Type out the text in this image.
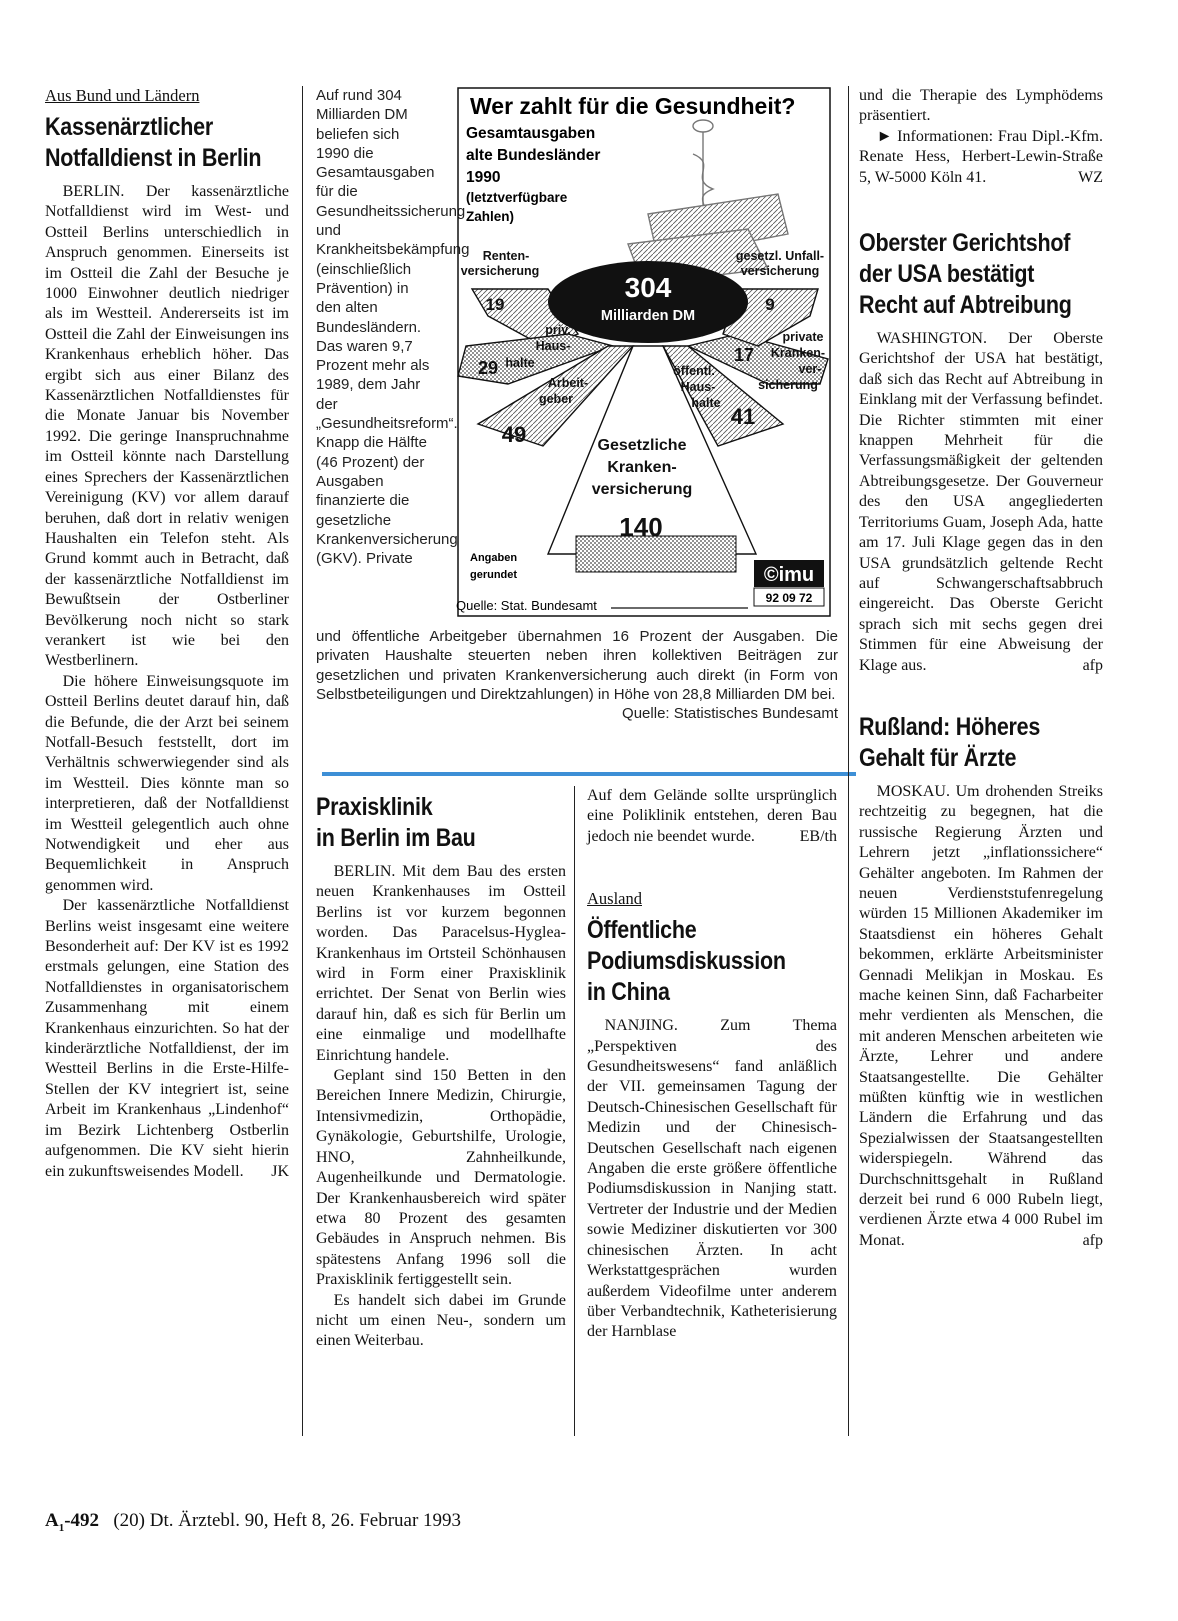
Aus Bund und Ländern
Kassenärztlicher
Notfalldienst in Berlin

BERLIN. Der kassenärztliche Notfalldienst wird im West- und Ostteil Berlins unterschiedlich in Anspruch genommen. Einerseits ist im Ostteil die Zahl der Besuche je 1000 Einwohner deutlich niedriger als im Westteil. Andererseits ist im Ostteil die Zahl der Einweisungen ins Krankenhaus erheblich höher. Das ergibt sich aus einer Bilanz des Kassenärztlichen Notfalldienstes für die Monate Januar bis November 1992. Die geringe Inanspruchnahme im Ostteil könnte nach Darstellung eines Sprechers der Kassenärztlichen Vereinigung (KV) vor allem darauf beruhen, daß dort in relativ wenigen Haushalten ein Telefon steht. Als Grund kommt auch in Betracht, daß der kassenärztliche Notfalldienst im Bewußtsein der Ostberliner Bevölkerung noch nicht so stark verankert ist wie bei den Westberlinern.

Die höhere Einweisungsquote im Ostteil Berlins deutet darauf hin, daß die Befunde, die der Arzt bei seinem Notfall-Besuch feststellt, dort im Verhältnis schwerwiegender sind als im Westteil. Dies könnte man so interpretieren, daß der Notfalldienst im Westteil gelegentlich auch ohne Notwendigkeit und eher aus Bequemlichkeit in Anspruch genommen wird.

Der kassenärztliche Notfalldienst Berlins weist insgesamt eine weitere Besonderheit auf: Der KV ist es 1992 erstmals gelungen, eine Station des Notfalldienstes in organisatorischem Zusammenhang mit einem Krankenhaus einzurichten. So hat der kinderärztliche Notfalldienst, der im Westteil Berlins in die Erste-Hilfe-Stellen der KV integriert ist, seine Arbeit im Krankenhaus „Lindenhof“ im Bezirk Lichtenberg Ostberlin aufgenommen. Die KV sieht hierin ein zukunftsweisendes Modell.	JK

Auf rund 304 Milliarden DM beliefen sich 1990 die Gesamtausgaben für die Gesundheitssicherung und Krankheitsbekämpfung (einschließlich Prävention) in den alten Bundesländern. Das waren 9,7 Prozent mehr als 1989, dem Jahr der „Gesundheitsreform“. Knapp die Hälfte (46 Prozent) der Ausgaben finanzierte die gesetzliche Krankenversicherung (GKV). Private
Wer zahlt für die Gesundheit?
Gesamtausgaben
alte Bundesländer
1990
(letztverfügbare
Zahlen)
304
Milliarden DM
Renten-
versicherung
gesetzl. Unfall-
versicherung
priv.
Haus-
halte
Arbeit-
geber
öffentl.
Haus-
halte
private
Kranken-
ver-
sicherung
Gesetzliche
Kranken-
versicherung
19
29
49
140
41
17
9
Angaben
gerundet
Quelle: Stat. Bundesamt
©imu
92 09 72
und öffentliche Arbeitgeber übernahmen 16 Prozent der Ausgaben. Die privaten Haushalte steuerten neben ihren kollektiven Beiträgen zur gesetzlichen und privaten Krankenversicherung auch direkt (in Form von Selbstbeteiligungen und Direktzahlungen) in Höhe von 28,8 Milliarden DM bei.
Quelle: Statistisches Bundesamt
Praxisklinik
in Berlin im Bau

BERLIN. Mit dem Bau des ersten neuen Krankenhauses im Ostteil Berlins ist vor kurzem begonnen worden. Das Paracelsus-Hyglea-Krankenhaus im Ortsteil Schönhausen wird in Form einer Praxisklinik errichtet. Der Senat von Berlin wies darauf hin, daß es sich für Berlin um eine einmalige und modellhafte Einrichtung handele.

Geplant sind 150 Betten in den Bereichen Innere Medizin, Chirurgie, Intensivmedizin, Orthopädie, Gynäkologie, Geburtshilfe, Urologie, HNO, Zahnheilkunde, Augenheilkunde und Dermatologie. Der Krankenhausbereich wird später etwa 80 Prozent des gesamten Gebäudes in Anspruch nehmen. Bis spätestens Anfang 1996 soll die Praxisklinik fertiggestellt sein.

Es handelt sich dabei im Grunde nicht um einen Neu-, sondern um einen Weiterbau.

Auf dem Gelände sollte ursprünglich eine Poliklinik entstehen, deren Bau jedoch nie beendet wurde.	EB/th

Ausland
Öffentliche
Podiumsdiskussion
in China

NANJING. Zum Thema „Perspektiven des Gesundheitswesens“ fand anläßlich der VII. gemeinsamen Tagung der Deutsch-Chinesischen Gesellschaft für Medizin und der Chinesisch-Deutschen Gesellschaft nach eigenen Angaben die erste größere öffentliche Podiumsdiskussion in Nanjing statt. Vertreter der Industrie und der Medien sowie Mediziner diskutierten vor 300 chinesischen Ärzten. In acht Werkstattgesprächen wurden außerdem Videofilme unter anderem über Verbandtechnik, Katheterisierung der Harnblase

und die Therapie des Lymphödems präsentiert.

► Informationen: Frau Dipl.-Kfm. Renate Hess, Herbert-Lewin-Straße 5, W-5000 Köln 41.	WZ

Oberster Gerichtshof
der USA bestätigt
Recht auf Abtreibung

WASHINGTON. Der Oberste Gerichtshof der USA hat bestätigt, daß sich das Recht auf Abtreibung in Einklang mit der Verfassung befindet. Die Richter stimmten mit einer knappen Mehrheit für die Verfassungsmäßigkeit der geltenden Abtreibungsgesetze. Der Gouverneur des den USA angegliederten Territoriums Guam, Joseph Ada, hatte am 17. Juli Klage gegen das in den USA grundsätzlich geltende Recht auf Schwangerschaftsabbruch eingereicht. Das Oberste Gericht sprach sich mit sechs gegen drei Stimmen für eine Abweisung der Klage aus.	afp

Rußland: Höheres
Gehalt für Ärzte

MOSKAU. Um drohenden Streiks rechtzeitig zu begegnen, hat die russische Regierung Ärzten und Lehrern jetzt „inflationssichere“ Gehälter angeboten. Im Rahmen der neuen Verdienststufenregelung würden 15 Millionen Akademiker im Staatsdienst ein höheres Gehalt bekommen, erklärte Arbeitsminister Gennadi Melikjan in Moskau. Es mache keinen Sinn, daß Facharbeiter mehr verdienten als Menschen, die mit anderen Menschen arbeiteten wie Ärzte, Lehrer und andere Staatsangestellte. Die Gehälter müßten künftig wie in westlichen Ländern die Erfahrung und das Spezialwissen der Staatsangestellten widerspiegeln. Während das Durchschnittsgehalt in Rußland derzeit bei rund 6 000 Rubeln liegt, verdienen Ärzte etwa 4 000 Rubel im Monat.	afp

$A_1-492$ (20) Dt. Ärztebl. 90, Heft 8, 26. Februar 1993
